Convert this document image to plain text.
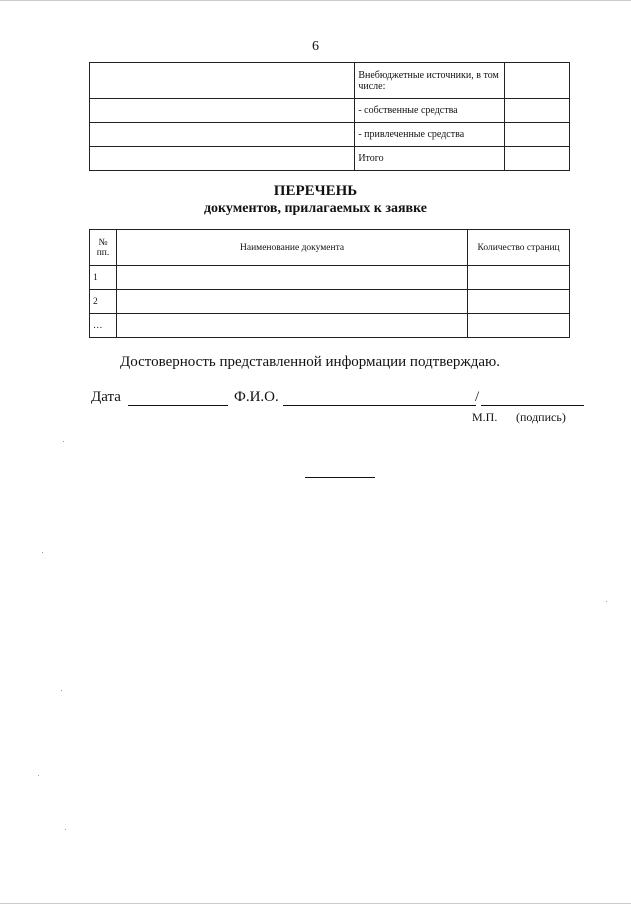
6
	Внебюджетные источники, в том числе:	
	- собственные средства	
	- привлеченные средства	
	Итого	
ПЕРЕЧЕНЬ
документов, прилагаемых к заявке
№ пп.	Наименование документа	Количество страниц
1		
2		
…		
Достоверность представленной информации подтверждаю.
Дата	Ф.И.О.	/
М.П. (подпись)
